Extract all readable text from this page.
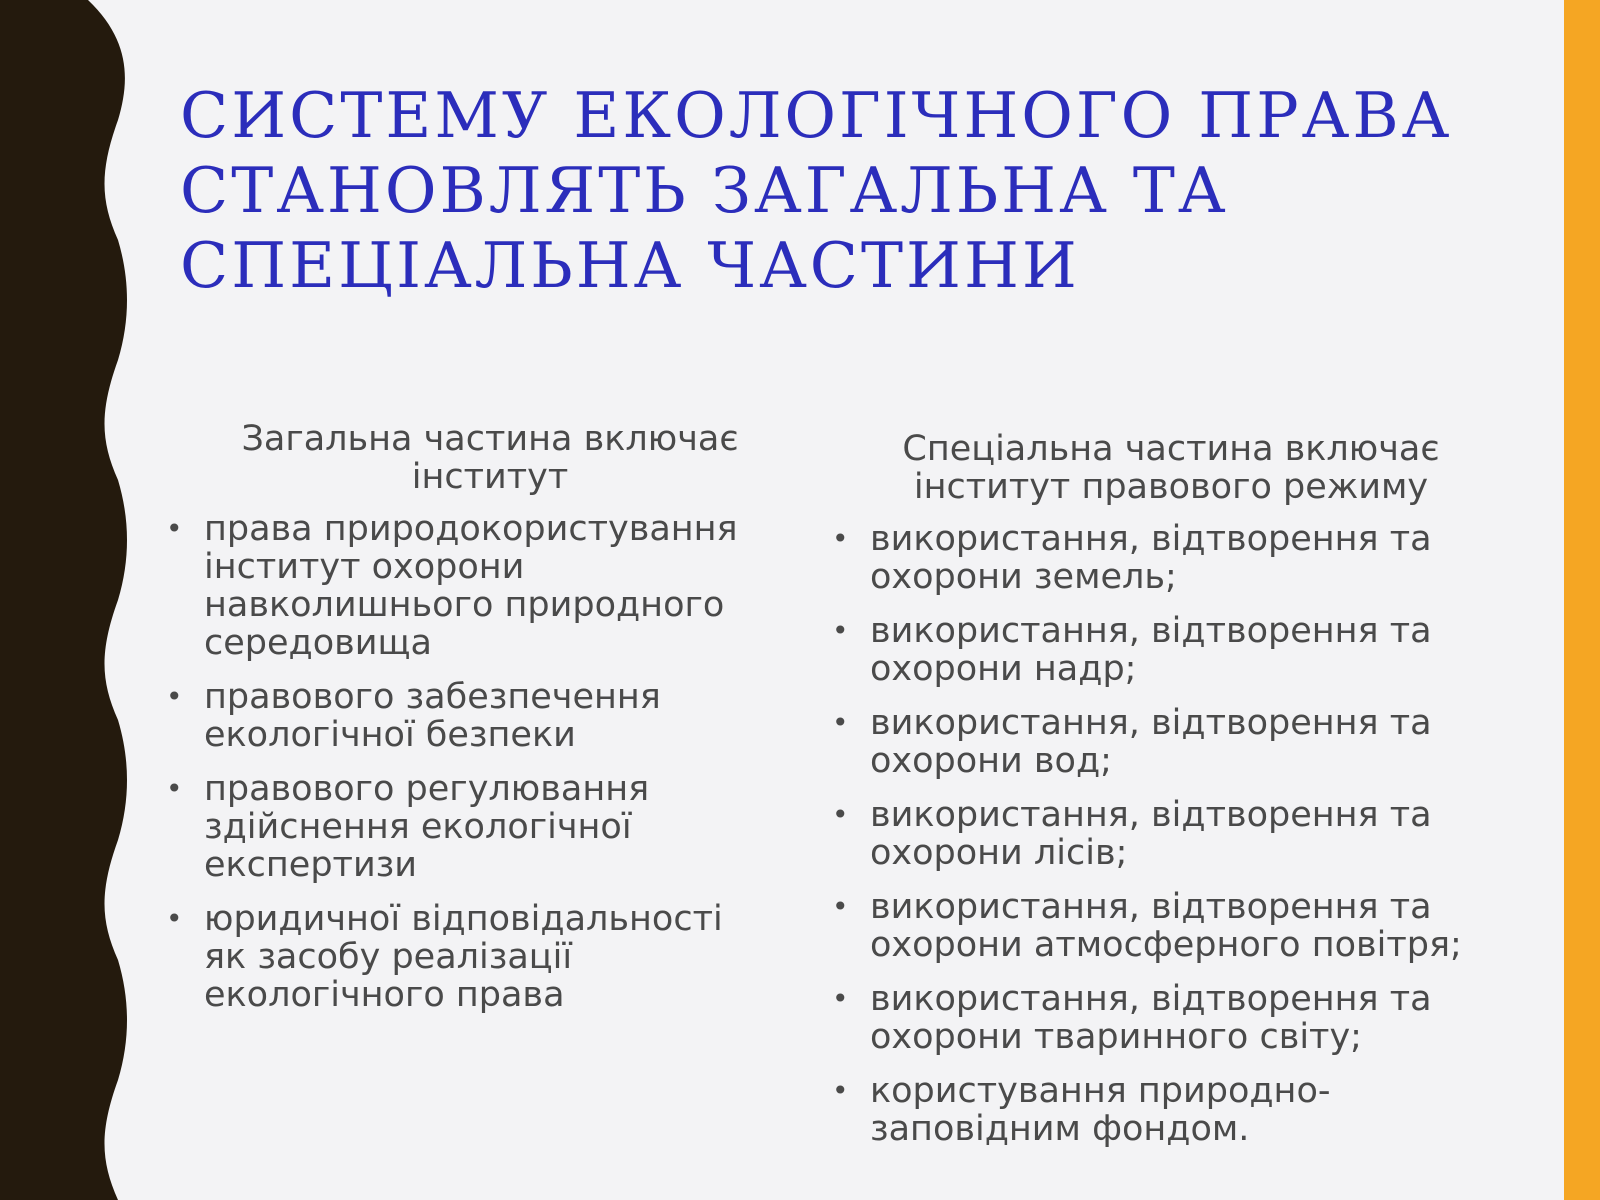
СИСТЕМУ ЕКОЛОГІЧНОГО ПРАВА
СТАНОВЛЯТЬ ЗАГАЛЬНА ТА
СПЕЦІАЛЬНА ЧАСТИНИ
Загальна частина включає
інститут
• права природокористування
інститут охорони
навколишнього природного
середовища
• правового забезпечення
екологічної безпеки
• правового регулювання
здійснення екологічної
експертизи
• юридичної відповідальності
як засобу реалізації
екологічного права
Спеціальна частина включає
інститут правового режиму
• використання, відтворення та
охорони земель;
• використання, відтворення та
охорони надр;
• використання, відтворення та
охорони вод;
• використання, відтворення та
охорони лісів;
• використання, відтворення та
охорони атмосферного повітря;
• використання, відтворення та
охорони тваринного світу;
• користування природно-
заповідним фондом.
